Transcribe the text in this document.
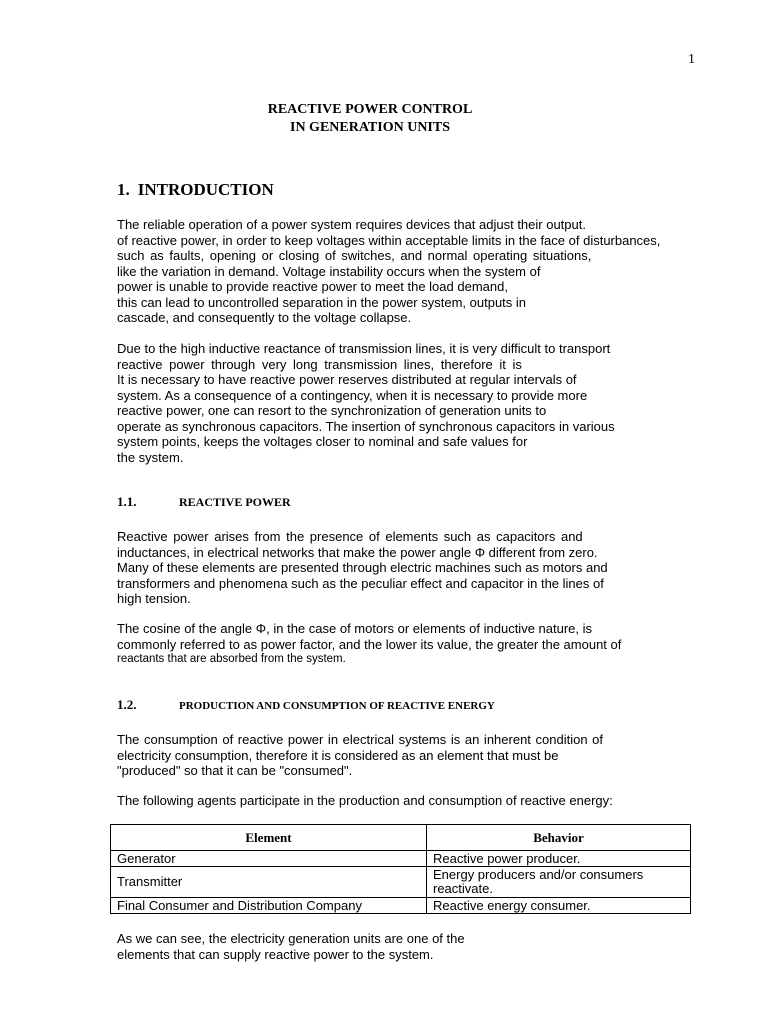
1
REACTIVE POWER CONTROL
IN GENERATION UNITS
1. INTRODUCTION
The reliable operation of a power system requires devices that adjust their output.
of reactive power, in order to keep voltages within acceptable limits in the face of disturbances,
such as faults, opening or closing of switches, and normal operating situations,
like the variation in demand. Voltage instability occurs when the system of
power is unable to provide reactive power to meet the load demand,
this can lead to uncontrolled separation in the power system, outputs in
cascade, and consequently to the voltage collapse.
Due to the high inductive reactance of transmission lines, it is very difficult to transport
reactive power through very long transmission lines, therefore it is
It is necessary to have reactive power reserves distributed at regular intervals of
system. As a consequence of a contingency, when it is necessary to provide more
reactive power, one can resort to the synchronization of generation units to
operate as synchronous capacitors. The insertion of synchronous capacitors in various
system points, keeps the voltages closer to nominal and safe values for
the system.
1.1.	REACTIVE POWER
Reactive power arises from the presence of elements such as capacitors and
inductances, in electrical networks that make the power angle Φ different from zero.
Many of these elements are presented through electric machines such as motors and
transformers and phenomena such as the peculiar effect and capacitor in the lines of
high tension.
The cosine of the angle Φ, in the case of motors or elements of inductive nature, is
commonly referred to as power factor, and the lower its value, the greater the amount of
reactants that are absorbed from the system.
1.2.	PRODUCTION AND CONSUMPTION OF REACTIVE ENERGY
The consumption of reactive power in electrical systems is an inherent condition of
electricity consumption, therefore it is considered as an element that must be
"produced" so that it can be "consumed".
The following agents participate in the production and consumption of reactive energy:
Element	Behavior
Generator	Reactive power producer.
Transmitter	Energy producers and/or consumers
reactivate.

Final Consumer and Distribution Company	Reactive energy consumer.
As we can see, the electricity generation units are one of the
elements that can supply reactive power to the system.
